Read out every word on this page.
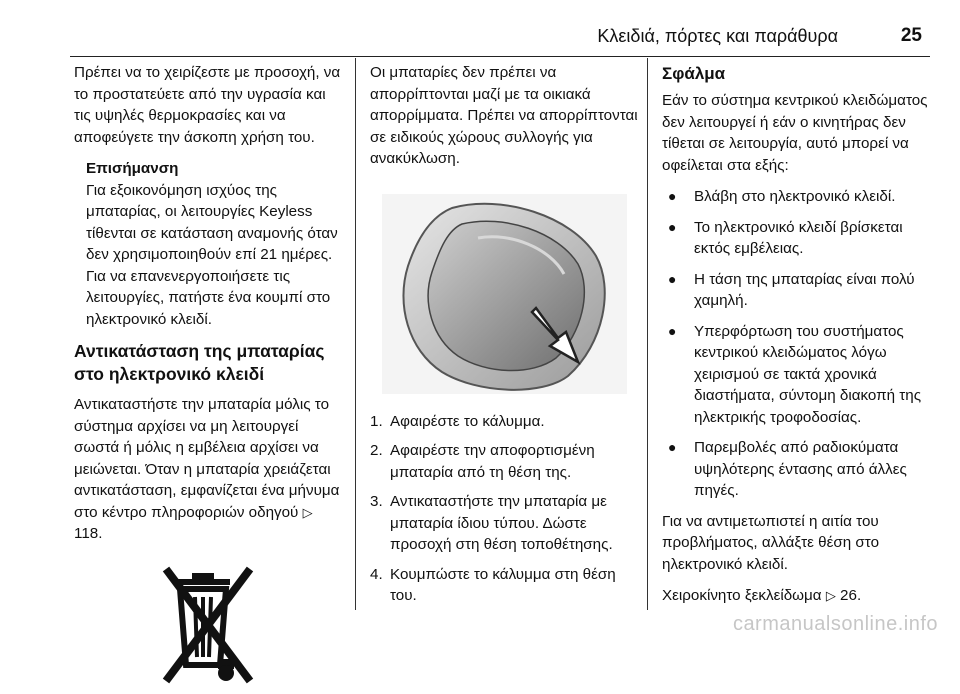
Κλειδιά, πόρτες και παράθυρα	25

Πρέπει να το χειρίζεστε με προσοχή, να το προστατεύετε από την υγρασία και τις υψηλές θερμοκρασίες και να αποφεύγετε την άσκοπη χρήση του.

Επισήμανση
Για εξοικονόμηση ισχύος της μπαταρίας, οι λειτουργίες Keyless τίθενται σε κατάσταση αναμονής όταν δεν χρησιμοποιηθούν επί 21 ημέρες. Για να επανενεργοποιήσετε τις λειτουργίες, πατήστε ένα κουμπί στο ηλεκτρονικό κλειδί.
Αντικατάσταση της μπαταρίας στο ηλεκτρονικό κλειδί

Αντικαταστήστε την μπαταρία μόλις το σύστημα αρχίσει να μη λειτουργεί σωστά ή μόλις η εμβέλεια αρχίσει να μειώνεται. Όταν η μπαταρία χρειάζεται αντικατάσταση, εμφανίζεται ένα μήνυμα στο κέντρο πληροφοριών οδηγού ▷ 118.

Οι μπαταρίες δεν πρέπει να απορρίπτονται μαζί με τα οικιακά απορρίμματα. Πρέπει να απορρίπτονται σε ειδικούς χώρους συλλογής για ανακύκλωση.

1. Αφαιρέστε το κάλυμμα.
2. Αφαιρέστε την αποφορτισμένη μπαταρία από τη θέση της.
3. Αντικαταστήστε την μπαταρία με μπαταρία ίδιου τύπου. Δώστε προσοχή στη θέση τοποθέτησης.
4. Κουμπώστε το κάλυμμα στη θέση του.
Σφάλμα

Εάν το σύστημα κεντρικού κλειδώματος δεν λειτουργεί ή εάν ο κινητήρας δεν τίθεται σε λειτουργία, αυτό μπορεί να οφείλεται στα εξής:

●	Βλάβη στο ηλεκτρονικό κλειδί.
●	Το ηλεκτρονικό κλειδί βρίσκεται εκτός εμβέλειας.
●	Η τάση της μπαταρίας είναι πολύ χαμηλή.
●	Υπερφόρτωση του συστήματος κεντρικού κλειδώματος λόγω χειρισμού σε τακτά χρονικά διαστήματα, σύντομη διακοπή της ηλεκτρικής τροφοδοσίας.
●	Παρεμβολές από ραδιοκύματα υψηλότερης έντασης από άλλες πηγές.

Για να αντιμετωπιστεί η αιτία του προβλήματος, αλλάξτε θέση στο ηλεκτρονικό κλειδί.

Χειροκίνητο ξεκλείδωμα ▷ 26.

carmanualsonline.info
